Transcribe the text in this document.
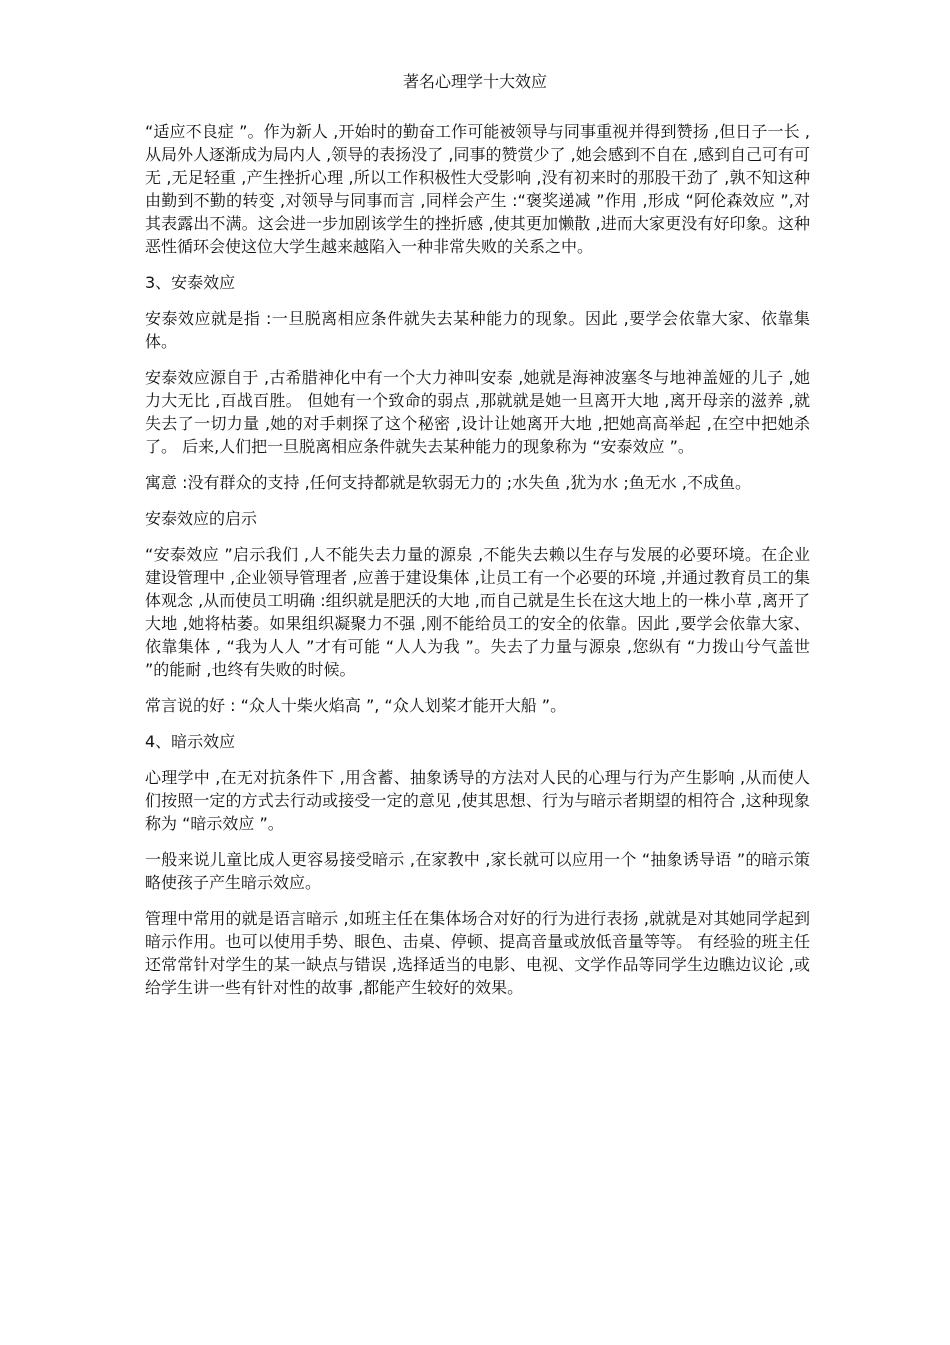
著名心理学十大效应

“适应不良症 ”。作为新人 ,开始时的勤奋工作可能被领导与同事重视并得到赞扬 ,但日子一长 ,从局外人逐渐成为局内人 ,领导的表扬没了 ,同事的赞赏少了 ,她会感到不自在 ,感到自己可有可无 ,无足轻重 ,产生挫折心理 ,所以工作积极性大受影响 ,没有初来时的那股干劲了 ,孰不知这种由勤到不勤的转变 ,对领导与同事而言 ,同样会产生 :“褒奖递减 ”作用 ,形成 “阿伦森效应 ”,对其表露出不满。这会进一步加剧该学生的挫折感 ,使其更加懒散 ,进而大家更没有好印象。这种恶性循环会使这位大学生越来越陷入一种非常失败的关系之中。

3、安泰效应

安泰效应就是指 :一旦脱离相应条件就失去某种能力的现象。因此 ,要学会依靠大家、依靠集体。

安泰效应源自于 ,古希腊神化中有一个大力神叫安泰 ,她就是海神波塞冬与地神盖娅的儿子 ,她力大无比 ,百战百胜。 但她有一个致命的弱点 ,那就就是她一旦离开大地 ,离开母亲的滋养 ,就失去了一切力量 ,她的对手刺探了这个秘密 ,设计让她离开大地 ,把她高高举起 ,在空中把她杀了。 后来,人们把一旦脱离相应条件就失去某种能力的现象称为 “安泰效应 ”。

寓意 :没有群众的支持 ,任何支持都就是软弱无力的 ;水失鱼 ,犹为水 ;鱼无水 ,不成鱼。

安泰效应的启示

“安泰效应 ”启示我们 ,人不能失去力量的源泉 ,不能失去赖以生存与发展的必要环境。在企业建设管理中 ,企业领导管理者 ,应善于建设集体 ,让员工有一个必要的环境 ,并通过教育员工的集体观念 ,从而使员工明确 :组织就是肥沃的大地 ,而自己就是生长在这大地上的一株小草 ,离开了大地 ,她将枯萎。如果组织凝聚力不强 ,刚不能给员工的安全的依靠。因此 ,要学会依靠大家、依靠集体 , “我为人人 ”才有可能 “人人为我 ”。失去了力量与源泉 ,您纵有 “力拨山兮气盖世 ”的能耐 ,也终有失败的时候。

常言说的好 : “众人十柴火焰高 ”, “众人划桨才能开大船 ”。

4、暗示效应

心理学中 ,在无对抗条件下 ,用含蓄、抽象诱导的方法对人民的心理与行为产生影响 ,从而使人们按照一定的方式去行动或接受一定的意见 ,使其思想、行为与暗示者期望的相符合 ,这种现象称为 “暗示效应 ”。

一般来说儿童比成人更容易接受暗示 ,在家教中 ,家长就可以应用一个 “抽象诱导语 ”的暗示策略使孩子产生暗示效应。

管理中常用的就是语言暗示 ,如班主任在集体场合对好的行为进行表扬 ,就就是对其她同学起到暗示作用。也可以使用手势、眼色、击桌、停顿、提高音量或放低音量等等。 有经验的班主任还常常针对学生的某一缺点与错误 ,选择适当的电影、电视、文学作品等同学生边瞧边议论 ,或给学生讲一些有针对性的故事 ,都能产生较好的效果。
